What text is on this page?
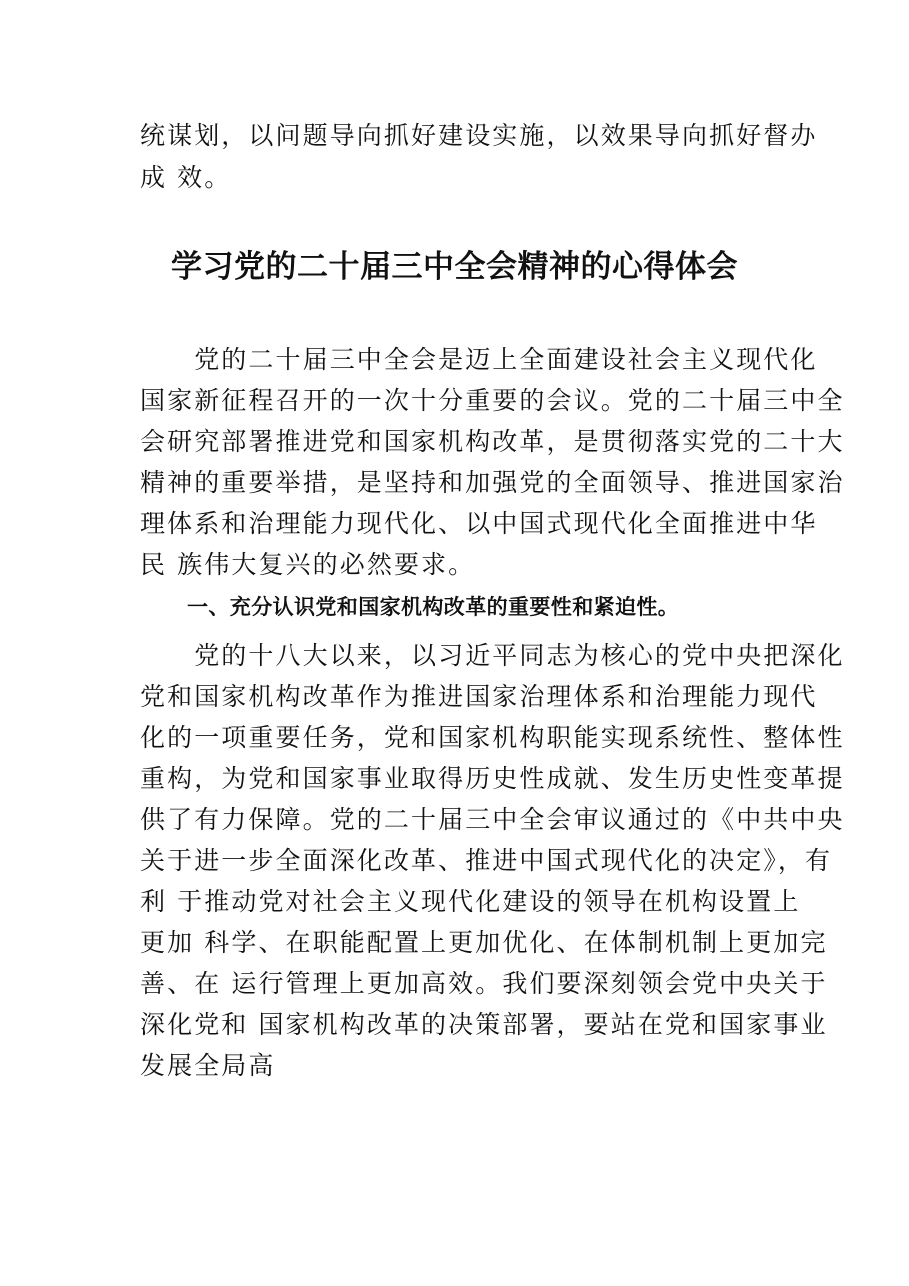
统谋划，以问题导向抓好建设实施，以效果导向抓好督办
成 效。
学习党的二十届三中全会精神的心得体会
　　党的二十届三中全会是迈上全面建设社会主义现代化
国家新征程召开的一次十分重要的会议。党的二十届三中全
会研究部署推进党和国家机构改革，是贯彻落实党的二十大
精神的重要举措，是坚持和加强党的全面领导、推进国家治
理体系和治理能力现代化、以中国式现代化全面推进中华
民 族伟大复兴的必然要求。
一、充分认识党和国家机构改革的重要性和紧迫性。
　　党的十八大以来，以习近平同志为核心的党中央把深化
党和国家机构改革作为推进国家治理体系和治理能力现代
化的一项重要任务，党和国家机构职能实现系统性、整体性
重构，为党和国家事业取得历史性成就、发生历史性变革提
供了有力保障。党的二十届三中全会审议通过的《中共中央
关于进一步全面深化改革、推进中国式现代化的决定》，有
利 于推动党对社会主义现代化建设的领导在机构设置上
更加 科学、在职能配置上更加优化、在体制机制上更加完
善、在 运行管理上更加高效。我们要深刻领会党中央关于
深化党和 国家机构改革的决策部署，要站在党和国家事业
发展全局高
